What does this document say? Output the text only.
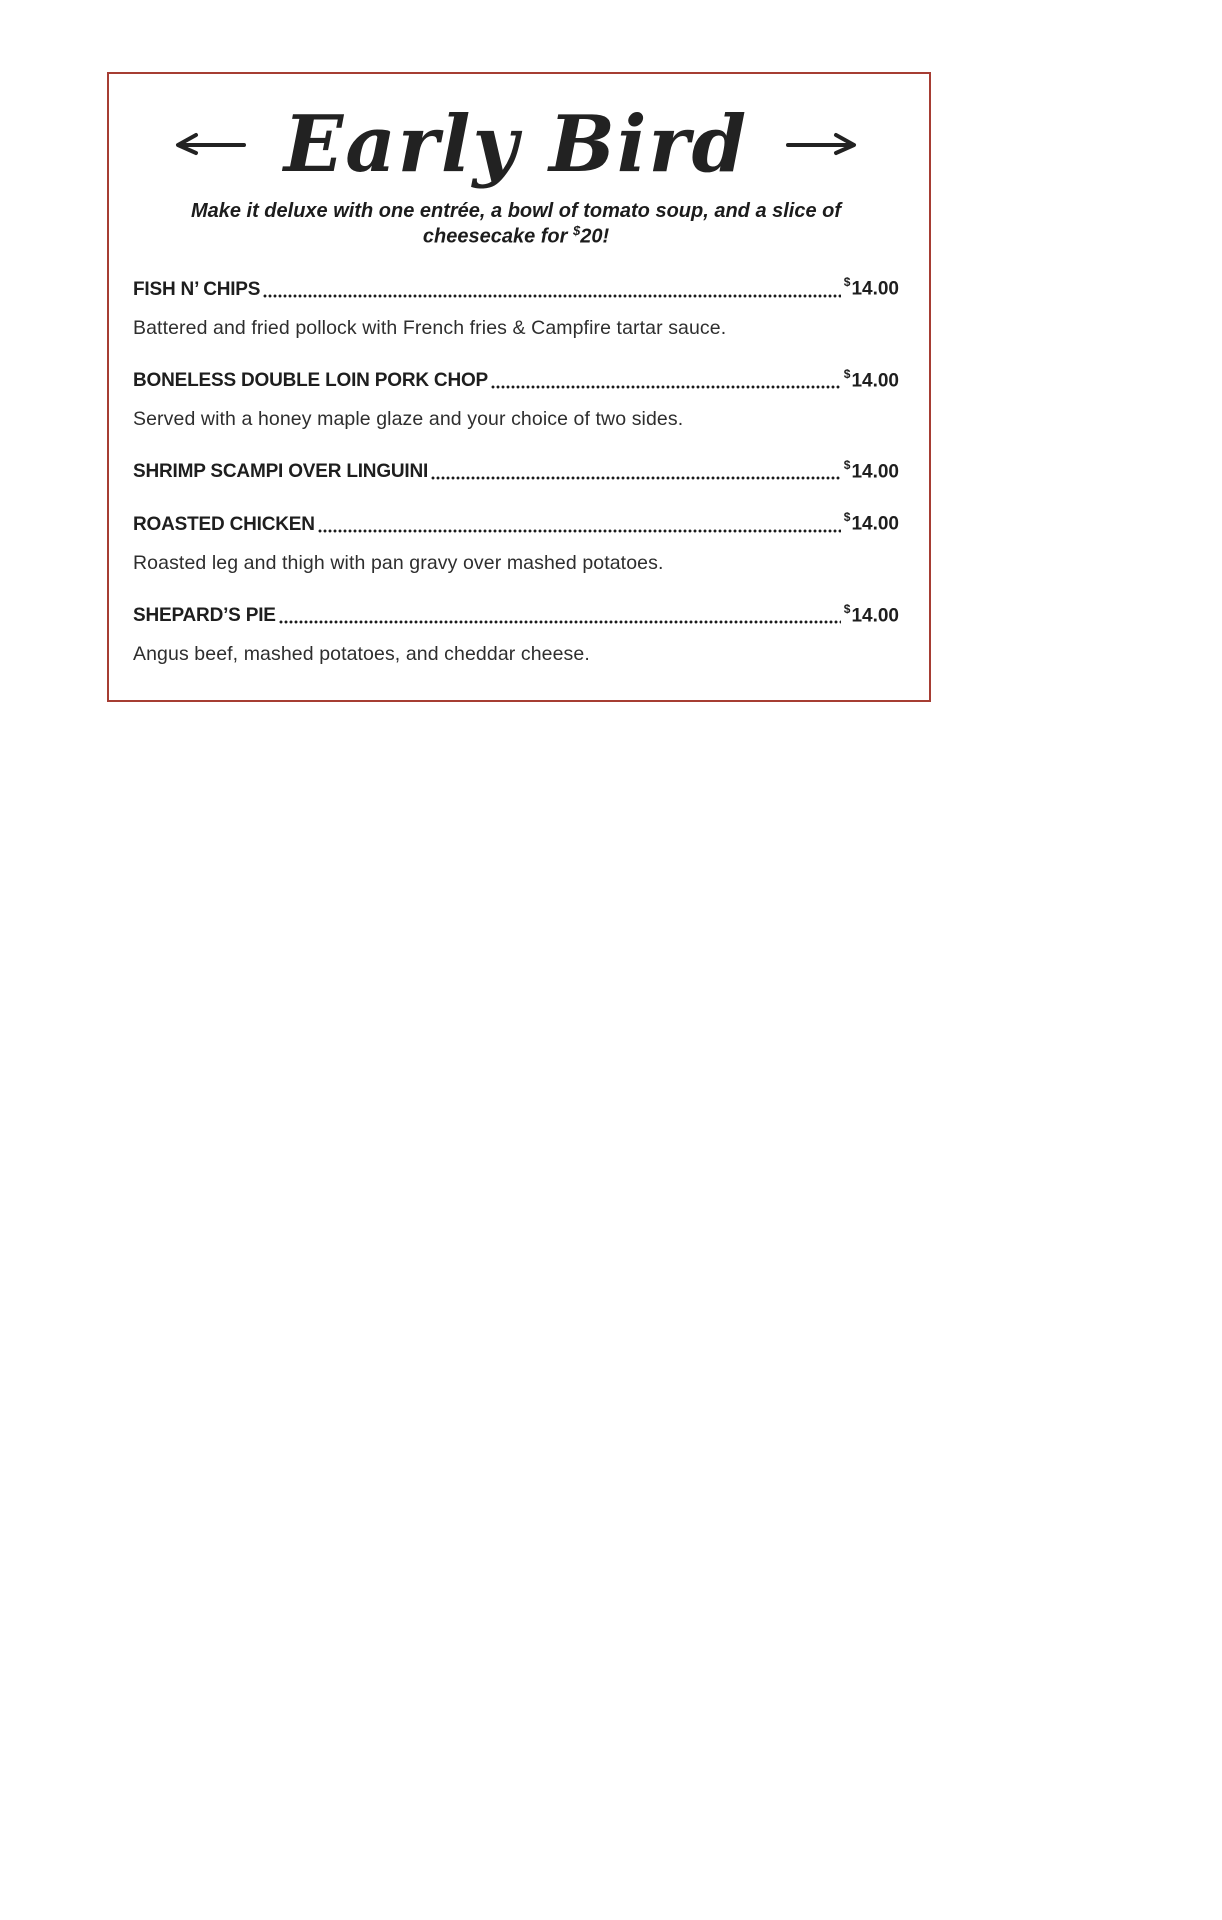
Early Bird

Make it deluxe with one entrée, a bowl of tomato soup, and a slice of cheesecake for $20!

FISH N’ CHIPS	$14.00

Battered and fried pollock with French fries & Campfire tartar sauce.

BONELESS DOUBLE LOIN PORK CHOP	$14.00

Served with a honey maple glaze and your choice of two sides.

SHRIMP SCAMPI OVER LINGUINI	$14.00
ROASTED CHICKEN	$14.00

Roasted leg and thigh with pan gravy over mashed potatoes.

SHEPARD’S PIE	$14.00

Angus beef, mashed potatoes, and cheddar cheese.
